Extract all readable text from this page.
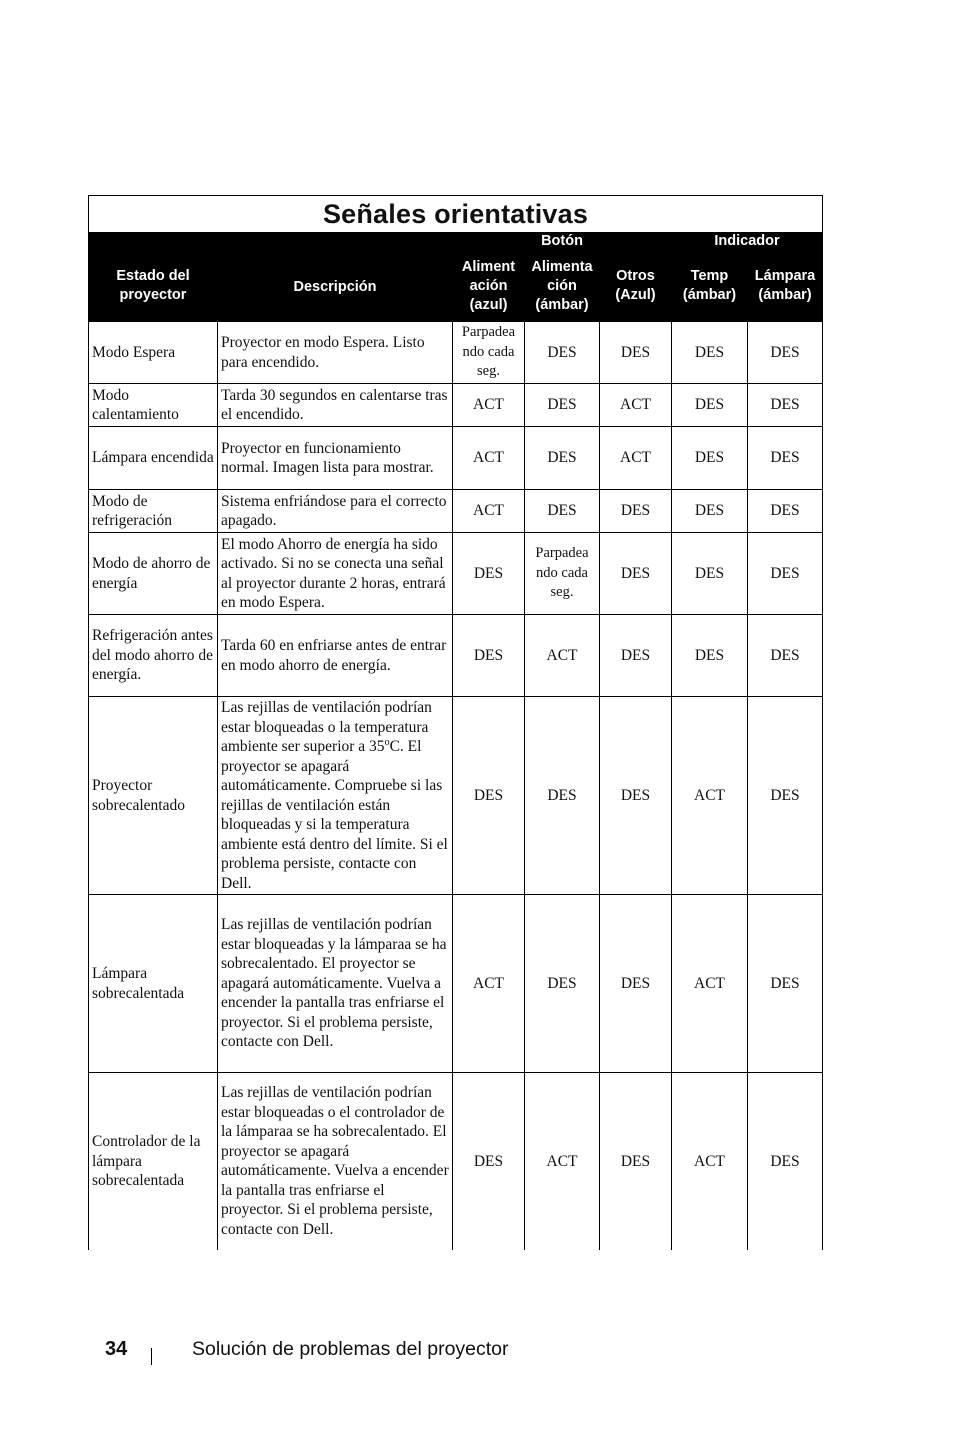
Señales orientativas						
			Botón		Indicador	
Estado del proyector	Descripción	Aliment ación (azul)	Alimenta ción (ámbar)	Otros (Azul)	Temp (ámbar)	Lámpara (ámbar)
Modo Espera	Proyector en modo Espera. Listo para encendido.	Parpadea ndo cada seg.	DES	DES	DES	DES
Modo calentamiento	Tarda 30 segundos en calentarse tras el encendido.	ACT	DES	ACT	DES	DES
Lámpara encendida	Proyector en funcionamiento normal. Imagen lista para mostrar.	ACT	DES	ACT	DES	DES
Modo de refrigeración	Sistema enfriándose para el correcto apagado.	ACT	DES	DES	DES	DES
Modo de ahorro de energía	El modo Ahorro de energía ha sido activado. Si no se conecta una señal al proyector durante 2 horas, entrará en modo Espera.	DES	Parpadea ndo cada seg.	DES	DES	DES
Refrigeración antes del modo ahorro de energía.	Tarda 60 en enfriarse antes de entrar en modo ahorro de energía.	DES	ACT	DES	DES	DES
Proyector sobrecalentado	Las rejillas de ventilación podrían estar bloqueadas o la temperatura ambiente ser superior a 35$^o$C. El proyector se apagará automáticamente. Compruebe si las rejillas de ventilación están bloqueadas y si la temperatura ambiente está dentro del límite. Si el problema persiste, contacte con Dell.	DES	DES	DES	ACT	DES
Lámpara sobrecalentada	Las rejillas de ventilación podrían estar bloqueadas y la lámparaa se ha sobrecalentado. El proyector se apagará automáticamente. Vuelva a encender la pantalla tras enfriarse el proyector. Si el problema persiste, contacte con Dell.	ACT	DES	DES	ACT	DES
Controlador de la lámpara sobrecalentada	Las rejillas de ventilación podrían estar bloqueadas o el controlador de la lámparaa se ha sobrecalentado. El proyector se apagará automáticamente. Vuelva a encender la pantalla tras enfriarse el proyector. Si el problema persiste, contacte con Dell.	DES	ACT	DES	ACT	DES
34	Solución de problemas del proyector
